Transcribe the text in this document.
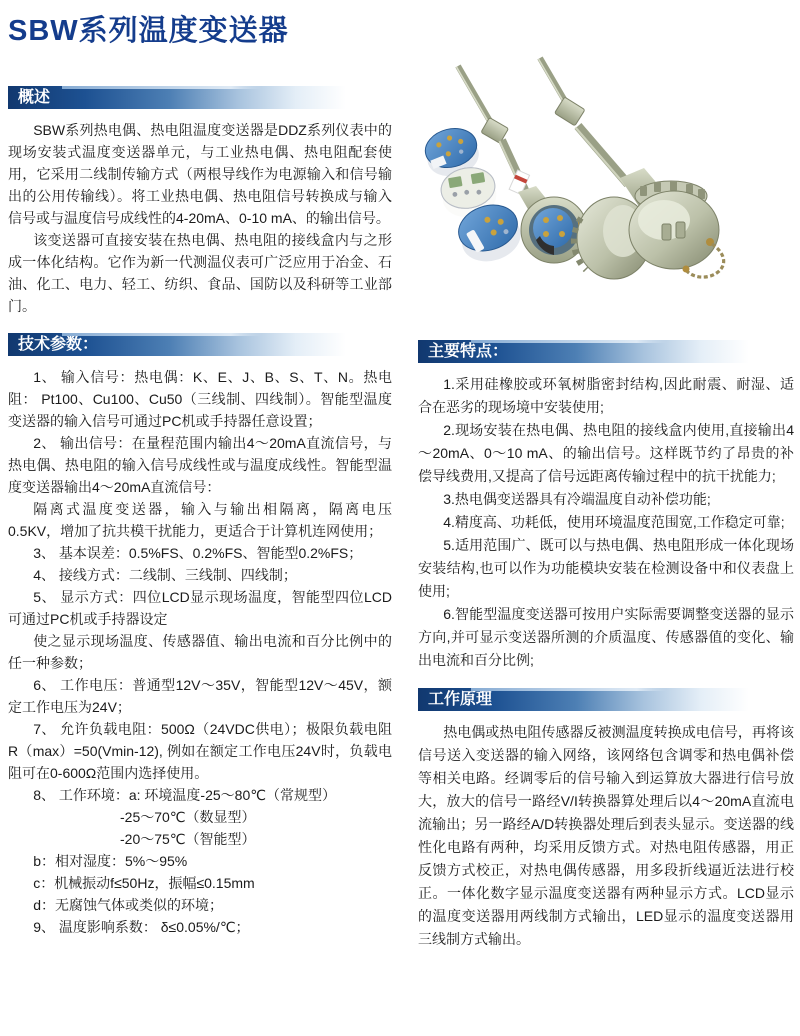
SBW系列温度变送器
概述

SBW系列热电偶、热电阻温度变送器是DDZ系列仪表中的现场安装式温度变送器单元，与工业热电偶、热电阻配套使用，它采用二线制传输方式（两根导线作为电源输入和信号输出的公用传输线）。将工业热电偶、热电阻信号转换成与输入信号或与温度信号成线性的4-20mA、0-10 mA、的输出信号。

该变送器可直接安装在热电偶、热电阻的接线盒内与之形成一体化结构。它作为新一代测温仪表可广泛应用于冶金、石油、化工、电力、轻工、纺织、食品、国防以及科研等工业部门。

技术参数：

1、 输入信号：热电偶：K、E、J、B、S、T、N。热电阻： Pt100、Cu100、Cu50（三线制、四线制）。智能型温度变送器的输入信号可通过PC机或手持器任意设置；

2、 输出信号：在量程范围内输出4～20mA直流信号，与热电偶、热电阻的输入信号成线性或与温度成线性。智能型温度变送器输出4～20mA直流信号：

隔离式温度变送器，输入与输出相隔离，隔离电压0.5KV，增加了抗共模干扰能力，更适合于计算机连网使用；

3、 基本误差：0.5%FS、0.2%FS、智能型0.2%FS；

4、 接线方式：二线制、三线制、四线制；

5、 显示方式：四位LCD显示现场温度，智能型四位LCD可通过PC机或手持器设定

使之显示现场温度、传感器值、输出电流和百分比例中的任一种参数；

6、 工作电压：普通型12V～35V，智能型12V～45V，额定工作电压为24V；

7、 允许负载电阻：500Ω（24VDC供电）；极限负载电阻R（max）=50(Vmin-12), 例如在额定工作电压24V时，负载电阻可在0-600Ω范围内选择使用。

8、 工作环境：a: 环境温度-25～80℃（常规型）

-25～70℃（数显型）

-20～75℃（智能型）

b：相对湿度：5%～95%

c：机械振动f≤50Hz，振幅≤0.15mm

d：无腐蚀气体或类似的环境；

9、 温度影响系数： δ≤0.05%/℃；

主要特点：

1.采用硅橡胶或环氧树脂密封结构,因此耐震、耐湿、适合在恶劣的现场境中安装使用;

2.现场安装在热电偶、热电阻的接线盒内使用,直接输出4～20mA、0～10 mA、的输出信号。这样既节约了昂贵的补偿导线费用,又提高了信号远距离传输过程中的抗干扰能力;

3.热电偶变送器具有冷端温度自动补偿功能;

4.精度高、功耗低，使用环境温度范围宽,工作稳定可靠;

5.适用范围广、既可以与热电偶、热电阻形成一体化现场安装结构,也可以作为功能模块安装在检测设备中和仪表盘上使用;

6.智能型温度变送器可按用户实际需要调整变送器的显示方向,并可显示变送器所测的介质温度、传感器值的变化、输出电流和百分比例;

工作原理

热电偶或热电阻传感器反被测温度转换成电信号，再将该信号送入变送器的输入网络，该网络包含调零和热电偶补偿等相关电路。经调零后的信号输入到运算放大器进行信号放大，放大的信号一路经V/I转换器算处理后以4～20mA直流电流输出；另一路经A/D转换器处理后到表头显示。变送器的线性化电路有两种，均采用反馈方式。对热电阻传感器，用正反馈方式校正，对热电偶传感器，用多段折线逼近法进行校正。一体化数字显示温度变送器有两种显示方式。LCD显示的温度变送器用两线制方式输出，LED显示的温度变送器用三线制方式输出。
